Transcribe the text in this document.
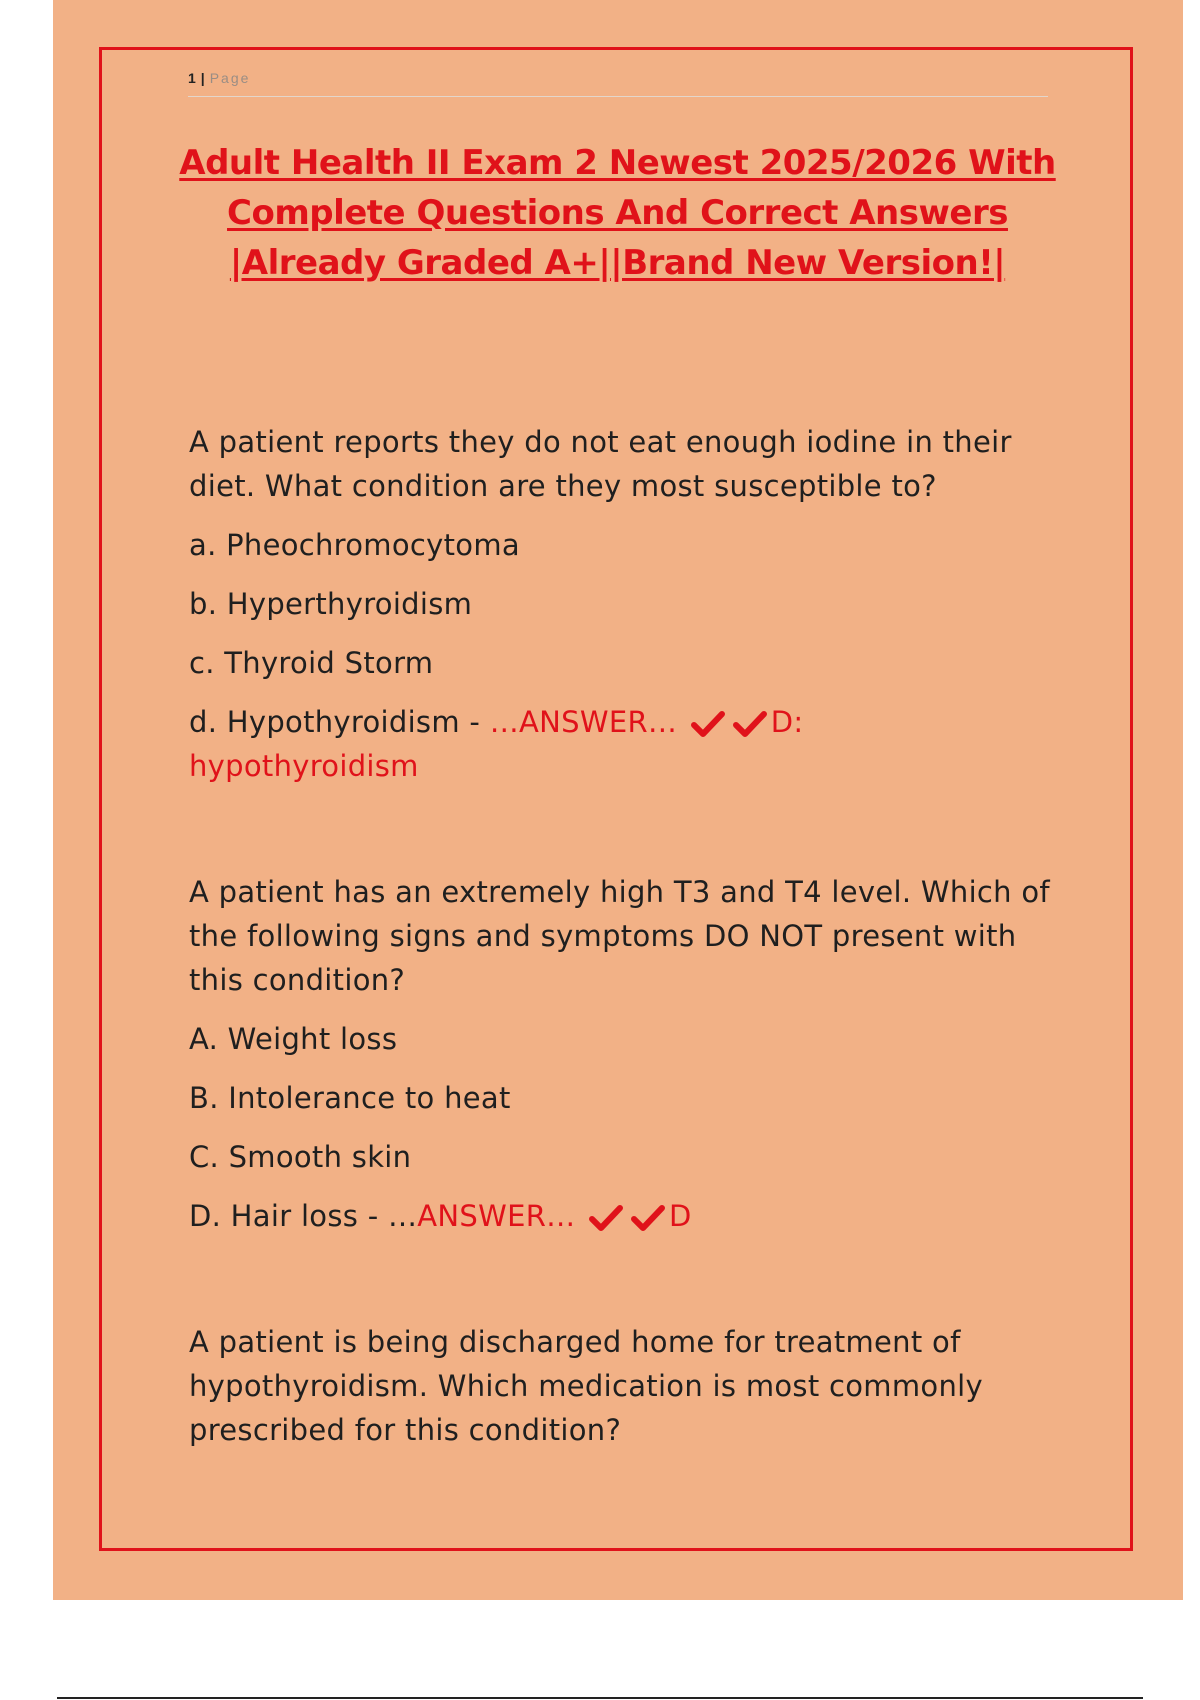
1 | Page
Adult Health II Exam 2 Newest 2025/2026 With
Complete Questions And Correct Answers
|Already Graded A+||Brand New Version!|

A patient reports they do not eat enough iodine in their diet. What condition are they most susceptible to?

a. Pheochromocytoma
b. Hyperthyroidism
c. Thyroid Storm
d. Hypothyroidism - …ANSWER…	D:
hypothyroidism

A patient has an extremely high T3 and T4 level. Which of the following signs and symptoms DO NOT present with this condition?

A. Weight loss
B. Intolerance to heat
C. Smooth skin
D. Hair loss - …ANSWER…	D

A patient is being discharged home for treatment of hypothyroidism. Which medication is most commonly prescribed for this condition?
